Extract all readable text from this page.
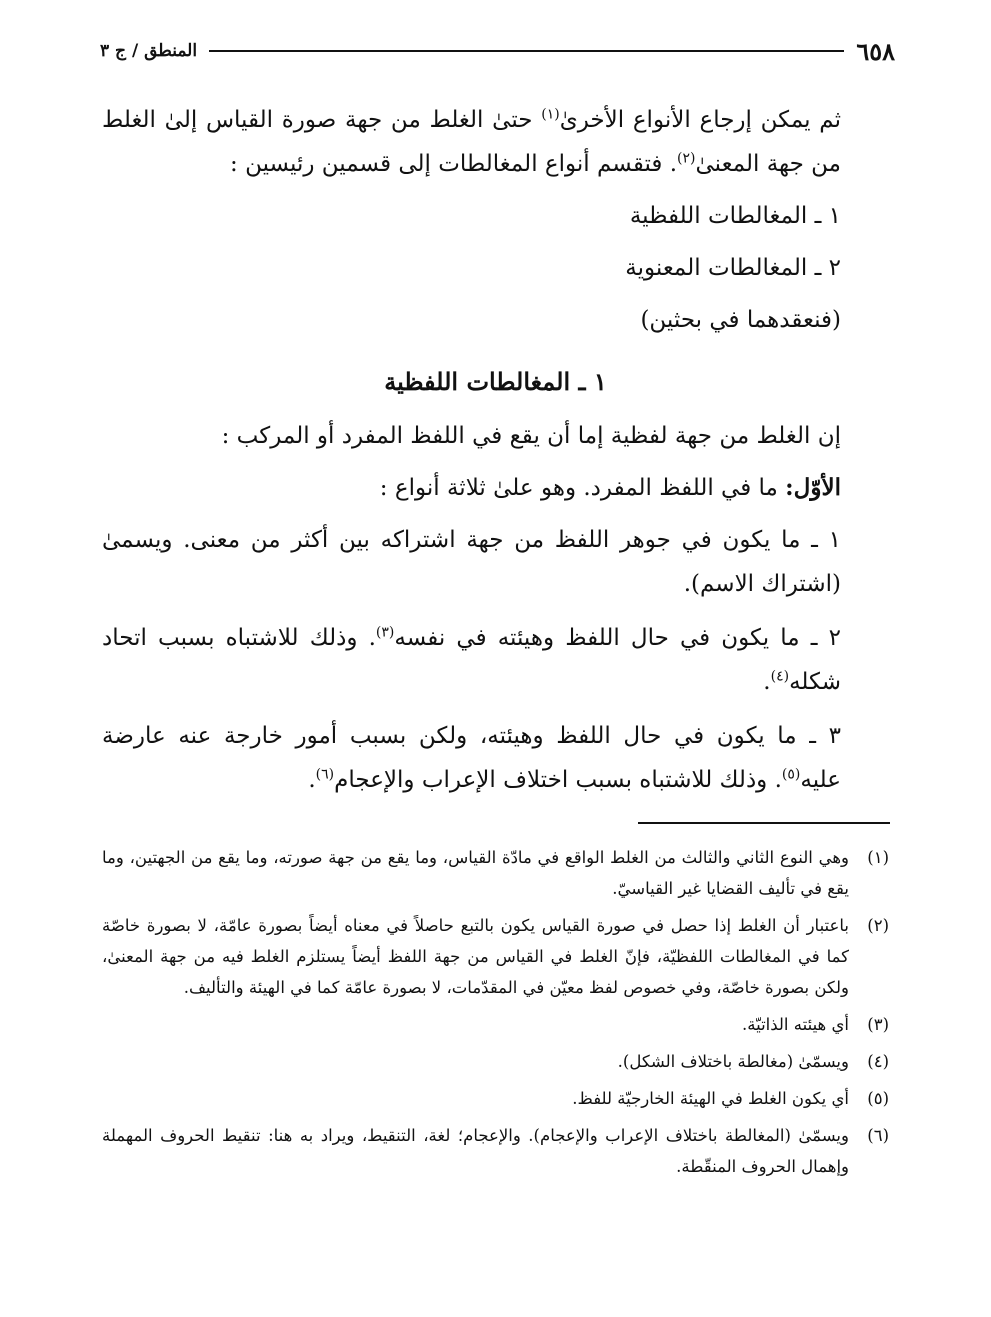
٦٥٨
المنطق / ج ٣

ثم يمكن إرجاع الأنواع الأخرىٰ$^{(١)}$ حتىٰ الغلط من جهة صورة القياس إلىٰ الغلط من جهة المعنىٰ$^{(٢)}$. فتقسم أنواع المغالطات إلى قسمين رئيسين :

١ ـ المغالطات اللفظية

٢ ـ المغالطات المعنوية

(فنعقدهما في بحثين)

١ ـ المغالطات اللفظية

إن الغلط من جهة لفظية إما أن يقع في اللفظ المفرد أو المركب :

الأوّل: ما في اللفظ المفرد. وهو علىٰ ثلاثة أنواع :

١ ـ ما يكون في جوهر اللفظ من جهة اشتراكه بين أكثر من معنى. ويسمىٰ (اشتراك الاسم).

٢ ـ ما يكون في حال اللفظ وهيئته في نفسه$^{(٣)}$. وذلك للاشتباه بسبب اتحاد شكله$^{(٤)}$.

٣ ـ ما يكون في حال اللفظ وهيئته، ولكن بسبب أمور خارجة عنه عارضة عليه$^{(٥)}$. وذلك للاشتباه بسبب اختلاف الإعراب والإعجام$^{(٦)}$.

(١)
وهي النوع الثاني والثالث من الغلط الواقع في مادّة القياس، وما يقع من جهة صورته، وما يقع من الجهتين، وما يقع في تأليف القضايا غير القياسيّ.
(٢)
باعتبار أن الغلط إذا حصل في صورة القياس يكون بالتبع حاصلاً في معناه أيضاً بصورة عامّة، لا بصورة خاصّة كما في المغالطات اللفظيّة، فإنّ الغلط في القياس من جهة اللفظ أيضاً يستلزم الغلط فيه من جهة المعنىٰ، ولكن بصورة خاصّة، وفي خصوص لفظ معيّن في المقدّمات، لا بصورة عامّة كما في الهيئة والتأليف.
(٣)
أي هيئته الذاتيّة.
(٤)
ويسمّىٰ (مغالطة باختلاف الشكل).
(٥)
أي يكون الغلط في الهيئة الخارجيّة للفظ.
(٦)
ويسمّىٰ (المغالطة باختلاف الإعراب والإعجام). والإعجام؛ لغة، التنقيط، ويراد به هنا: تنقيط الحروف المهملة وإهمال الحروف المنقّطة.
